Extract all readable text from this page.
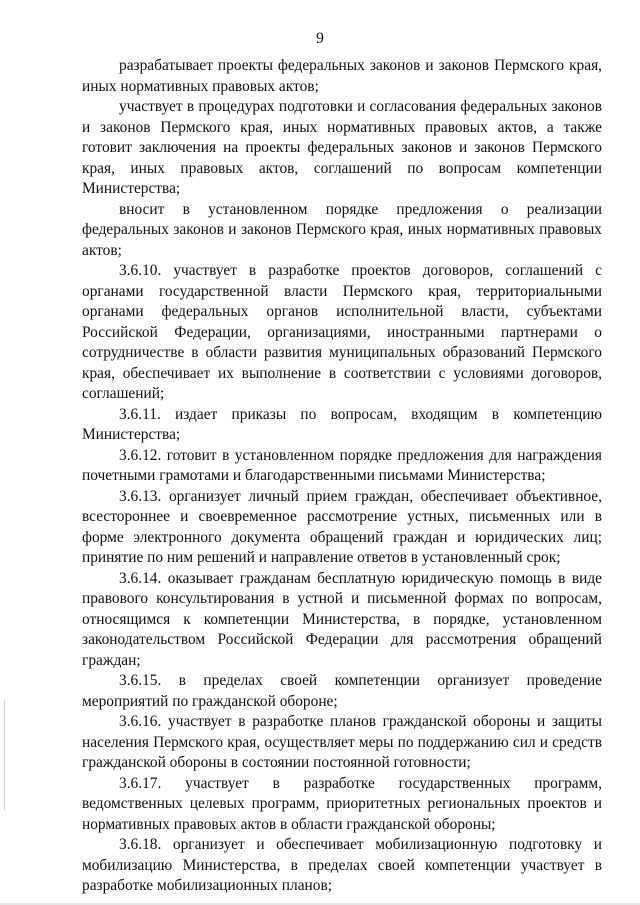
9

разрабатывает проекты федеральных законов и законов Пермского края, иных нормативных правовых актов;

участвует в процедурах подготовки и согласования федеральных законов и законов Пермского края, иных нормативных правовых актов, а также готовит заключения на проекты федеральных законов и законов Пермского края, иных правовых актов, соглашений по вопросам компетенции Министерства;

вносит в установленном порядке предложения о реализации федеральных законов и законов Пермского края, иных нормативных правовых актов;

3.6.10. участвует в разработке проектов договоров, соглашений с органами государственной власти Пермского края, территориальными органами федеральных органов исполнительной власти, субъектами Российской Федерации, организациями, иностранными партнерами о сотрудничестве в области развития муниципальных образований Пермского края, обеспечивает их выполнение в соответствии с условиями договоров, соглашений;

3.6.11. издает приказы по вопросам, входящим в компетенцию Министерства;

3.6.12. готовит в установленном порядке предложения для награждения почетными грамотами и благодарственными письмами Министерства;

3.6.13. организует личный прием граждан, обеспечивает объективное, всестороннее и своевременное рассмотрение устных, письменных или в форме электронного документа обращений граждан и юридических лиц; принятие по ним решений и направление ответов в установленный срок;

3.6.14. оказывает гражданам бесплатную юридическую помощь в виде правового консультирования в устной и письменной формах по вопросам, относящимся к компетенции Министерства, в порядке, установленном законодательством Российской Федерации для рассмотрения обращений граждан;

3.6.15. в пределах своей компетенции организует проведение мероприятий по гражданской обороне;

3.6.16. участвует в разработке планов гражданской обороны и защиты населения Пермского края, осуществляет меры по поддержанию сил и средств гражданской обороны в состоянии постоянной готовности;

3.6.17. участвует в разработке государственных программ, ведомственных целевых программ, приоритетных региональных проектов и нормативных правовых актов в области гражданской обороны;

3.6.18. организует и обеспечивает мобилизационную подготовку и мобилизацию Министерства, в пределах своей компетенции участвует в разработке мобилизационных планов;
